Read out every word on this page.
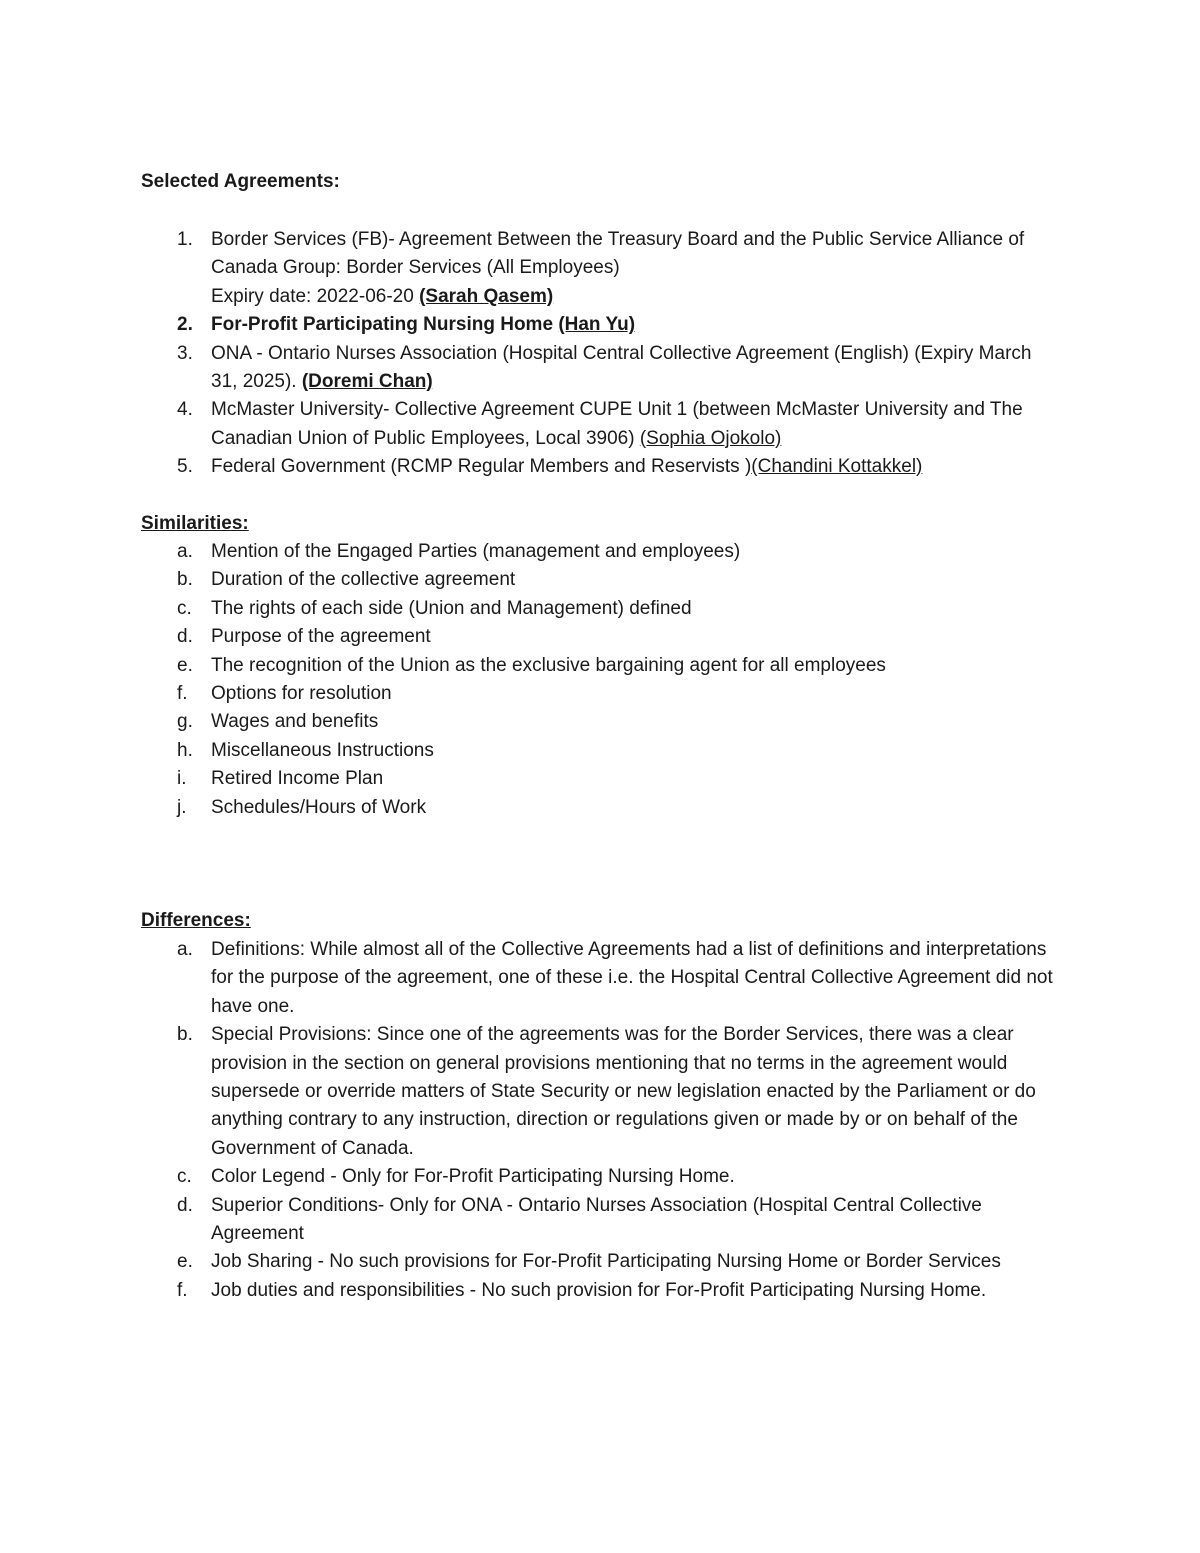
Selected Agreements:
1. Border Services (FB)- Agreement Between the Treasury Board and the Public Service Alliance of Canada Group: Border Services (All Employees)
Expiry date: 2022-06-20 (Sarah Qasem)
2. For-Profit Participating Nursing Home (Han Yu)
3. ONA - Ontario Nurses Association (Hospital Central Collective Agreement (English) (Expiry March 31, 2025). (Doremi Chan)
4. McMaster University- Collective Agreement CUPE Unit 1 (between McMaster University and The Canadian Union of Public Employees, Local 3906) (Sophia Ojokolo)
5. Federal Government (RCMP Regular Members and Reservists )(Chandini Kottakkel)
Similarities:
a. Mention of the Engaged Parties (management and employees)
b. Duration of the collective agreement
c. The rights of each side (Union and Management) defined
d. Purpose of the agreement
e. The recognition of the Union as the exclusive bargaining agent for all employees
f. Options for resolution
g. Wages and benefits
h. Miscellaneous Instructions
i. Retired Income Plan
j. Schedules/Hours of Work
Differences:
a. Definitions: While almost all of the Collective Agreements had a list of definitions and interpretations for the purpose of the agreement, one of these i.e. the Hospital Central Collective Agreement did not have one.
b. Special Provisions: Since one of the agreements was for the Border Services, there was a clear provision in the section on general provisions mentioning that no terms in the agreement would supersede or override matters of State Security or new legislation enacted by the Parliament or do anything contrary to any instruction, direction or regulations given or made by or on behalf of the Government of Canada.
c. Color Legend - Only for For-Profit Participating Nursing Home.
d. Superior Conditions- Only for ONA - Ontario Nurses Association (Hospital Central Collective Agreement
e. Job Sharing - No such provisions for For-Profit Participating Nursing Home or Border Services
f. Job duties and responsibilities - No such provision for For-Profit Participating Nursing Home.
